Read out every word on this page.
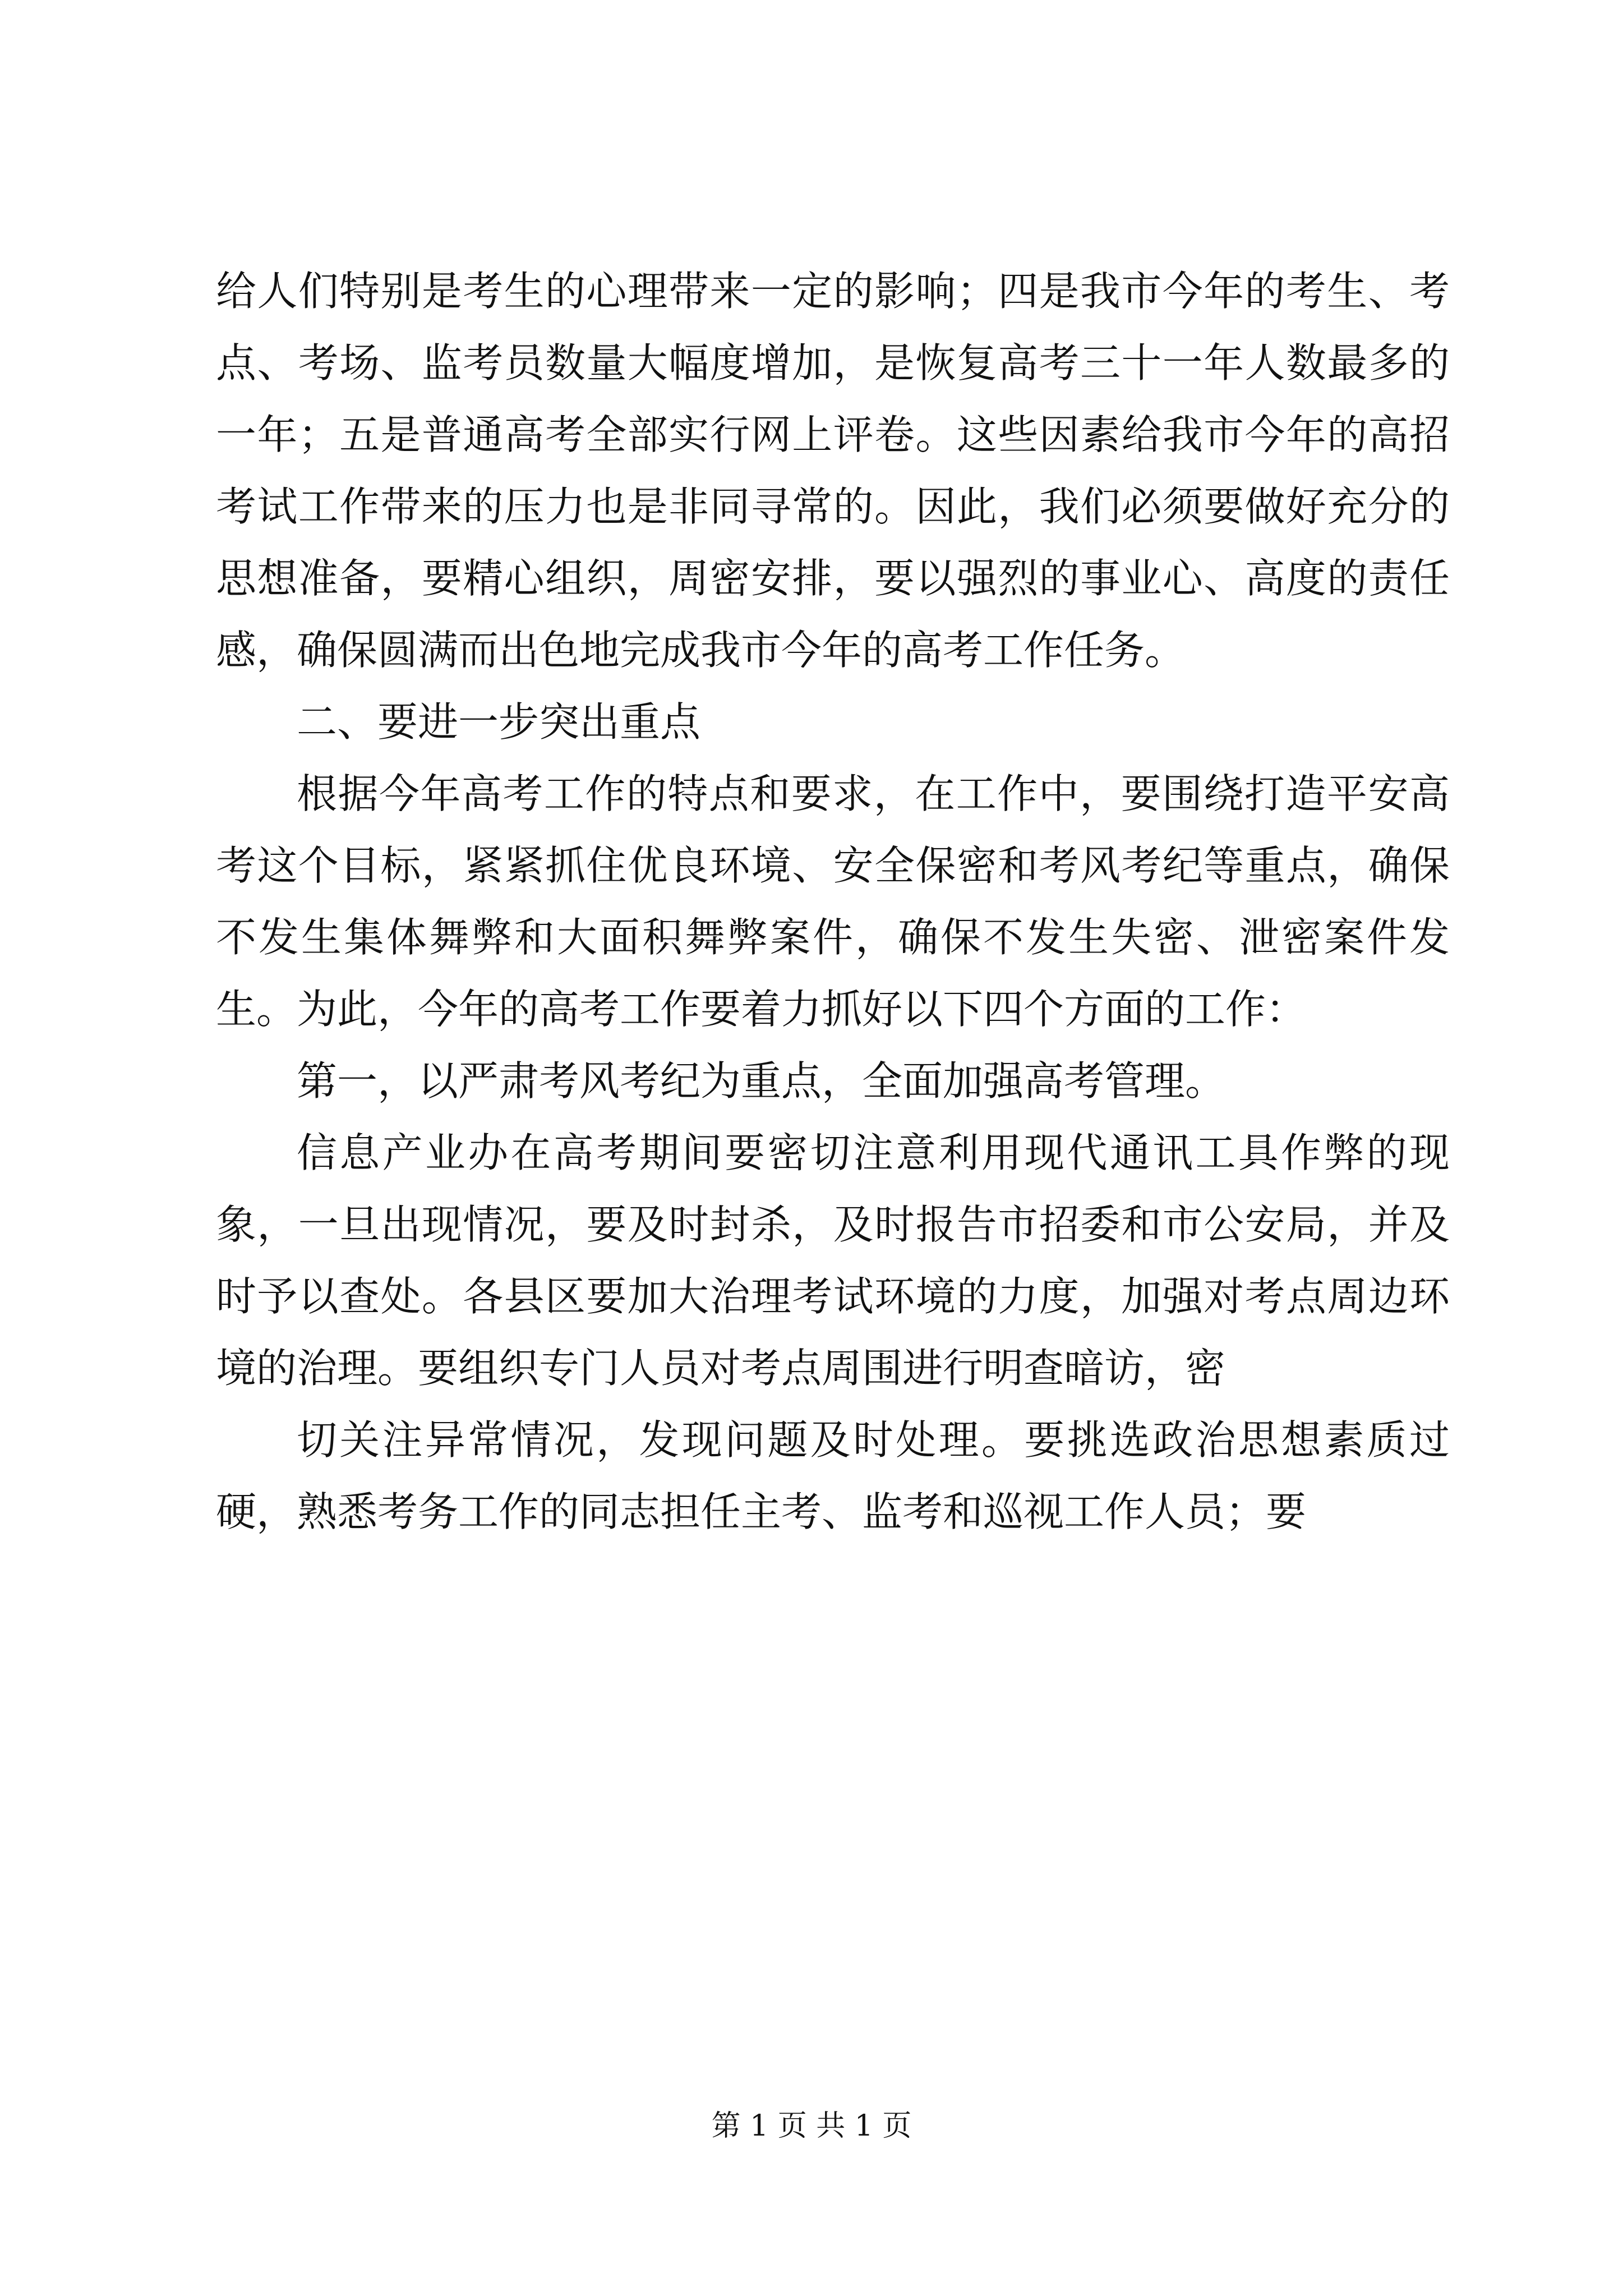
给人们特别是考生的心理带来一定的影响；四是我市今年的考生、考点、考场、监考员数量大幅度增加，是恢复高考三十一年人数最多的一年；五是普通高考全部实行网上评卷。这些因素给我市今年的高招考试工作带来的压力也是非同寻常的。因此，我们必须要做好充分的思想准备，要精心组织，周密安排，要以强烈的事业心、高度的责任感，确保圆满而出色地完成我市今年的高考工作任务。

二、要进一步突出重点

根据今年高考工作的特点和要求，在工作中，要围绕打造平安高考这个目标，紧紧抓住优良环境、安全保密和考风考纪等重点，确保不发生集体舞弊和大面积舞弊案件，确保不发生失密、泄密案件发生。为此，今年的高考工作要着力抓好以下四个方面的工作：

第一，以严肃考风考纪为重点，全面加强高考管理。

信息产业办在高考期间要密切注意利用现代通讯工具作弊的现象，一旦出现情况，要及时封杀，及时报告市招委和市公安局，并及时予以查处。各县区要加大治理考试环境的力度，加强对考点周边环境的治理。要组织专门人员对考点周围进行明查暗访，密

切关注异常情况，发现问题及时处理。要挑选政治思想素质过硬，熟悉考务工作的同志担任主考、监考和巡视工作人员；要

第 1 页 共 1 页
